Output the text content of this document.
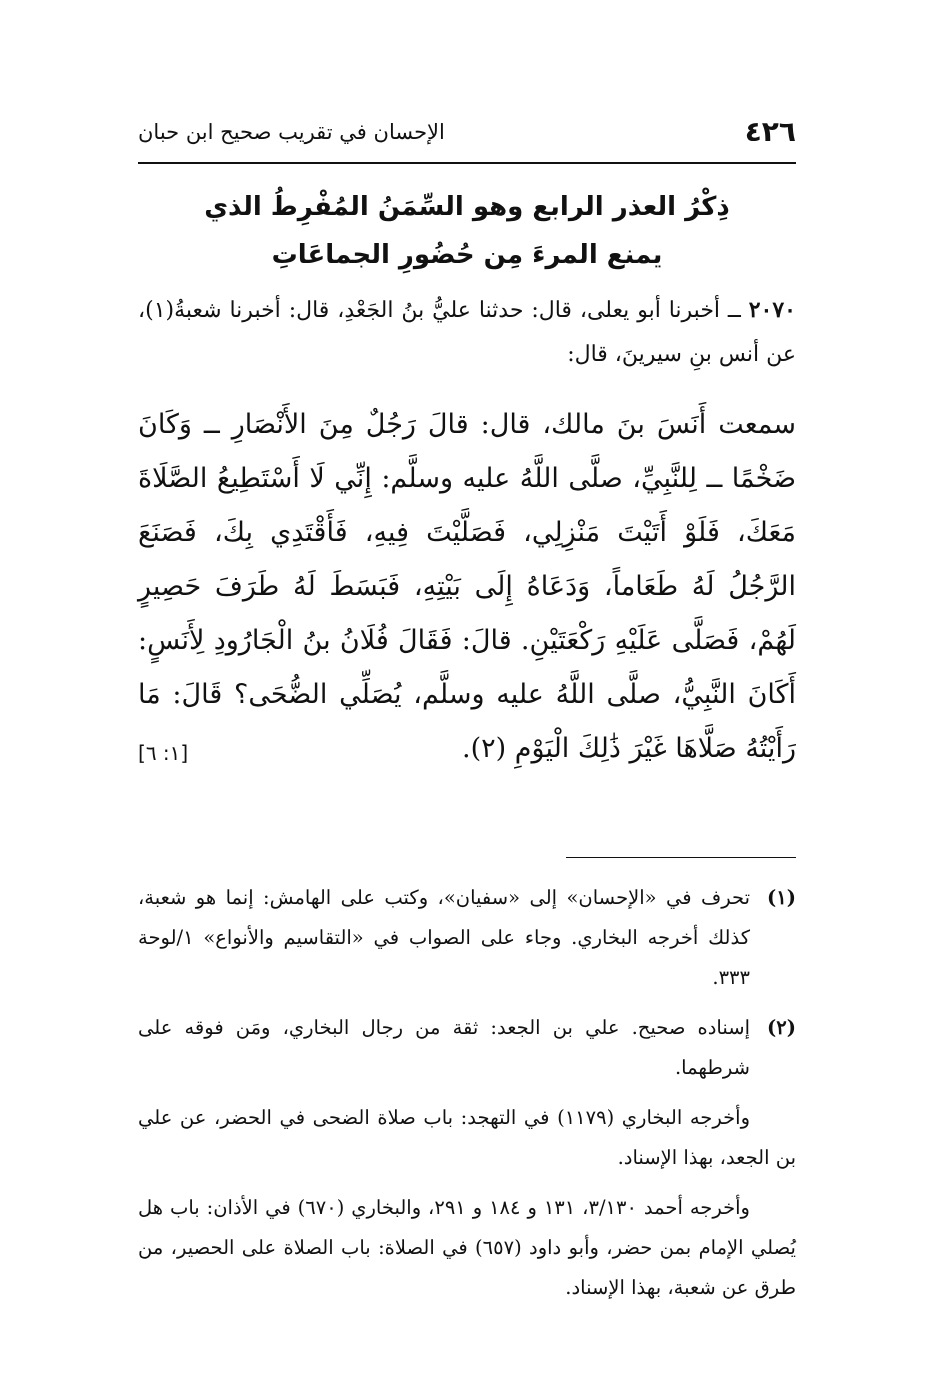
٤٢٦
الإحسان في تقريب صحيح ابن حبان
ذِكْرُ العذر الرابع وهو السِّمَنُ المُفْرِطُ الذي
يمنع المرءَ مِن حُضُورِ الجماعَاتِ
٢٠٧٠ ــ أخبرنا أبو يعلى، قال: حدثنا عليُّ بنُ الجَعْدِ، قال: أخبرنا شعبةُ(١)، عن أنس بنِ سيرينَ، قال:
سمعت أَنَسَ بنَ مالك، قال: قالَ رَجُلٌ مِنَ الأَنْصَارِ ــ وَكَانَ ضَخْمًا ــ لِلنَّبِيِّ، صلَّى اللَّهُ عليه وسلَّم: إِنِّي لَا أَسْتَطِيعُ الصَّلَاةَ مَعَكَ، فَلَوْ أَتَيْتَ مَنْزِلِي، فَصَلَّيْتَ فِيهِ، فَأَقْتَدِي بِكَ، فَصَنَعَ الرَّجُلُ لَهُ طَعَاماً، وَدَعَاهُ إِلَى بَيْتِهِ، فَبَسَطَ لَهُ طَرَفَ حَصِيرٍ لَهُمْ، فَصَلَّى عَلَيْهِ رَكْعَتَيْنِ. قالَ: فَقَالَ فُلَانُ بنُ الْجَارُودِ لِأَنَسٍ: أَكَانَ النَّبِيُّ، صلَّى اللَّهُ عليه وسلَّم، يُصَلِّي الضُّحَى؟ قَالَ: مَا رَأَيْتُهُ صَلَّاهَا غَيْرَ ذَٰلِكَ الْيَوْمِ (٢).
[١: ٦]
(١)
تحرف في «الإحسان» إلى «سفيان»، وكتب على الهامش: إنما هو شعبة، كذلك أخرجه البخاري. وجاء على الصواب في «التقاسيم والأنواع» ١/لوحة ٣٣٣.
(٢)
إسناده صحيح. علي بن الجعد: ثقة من رجال البخاري، ومَن فوقه على شرطهما.
وأخرجه البخاري (١١٧٩) في التهجد: باب صلاة الضحى في الحضر، عن علي بن الجعد، بهذا الإسناد.
وأخرجه أحمد ٣/١٣٠، ١٣١ و ١٨٤ و ٢٩١، والبخاري (٦٧٠) في الأذان: باب هل يُصلي الإمام بمن حضر، وأبو داود (٦٥٧) في الصلاة: باب الصلاة على الحصير، من طرق عن شعبة، بهذا الإسناد.
